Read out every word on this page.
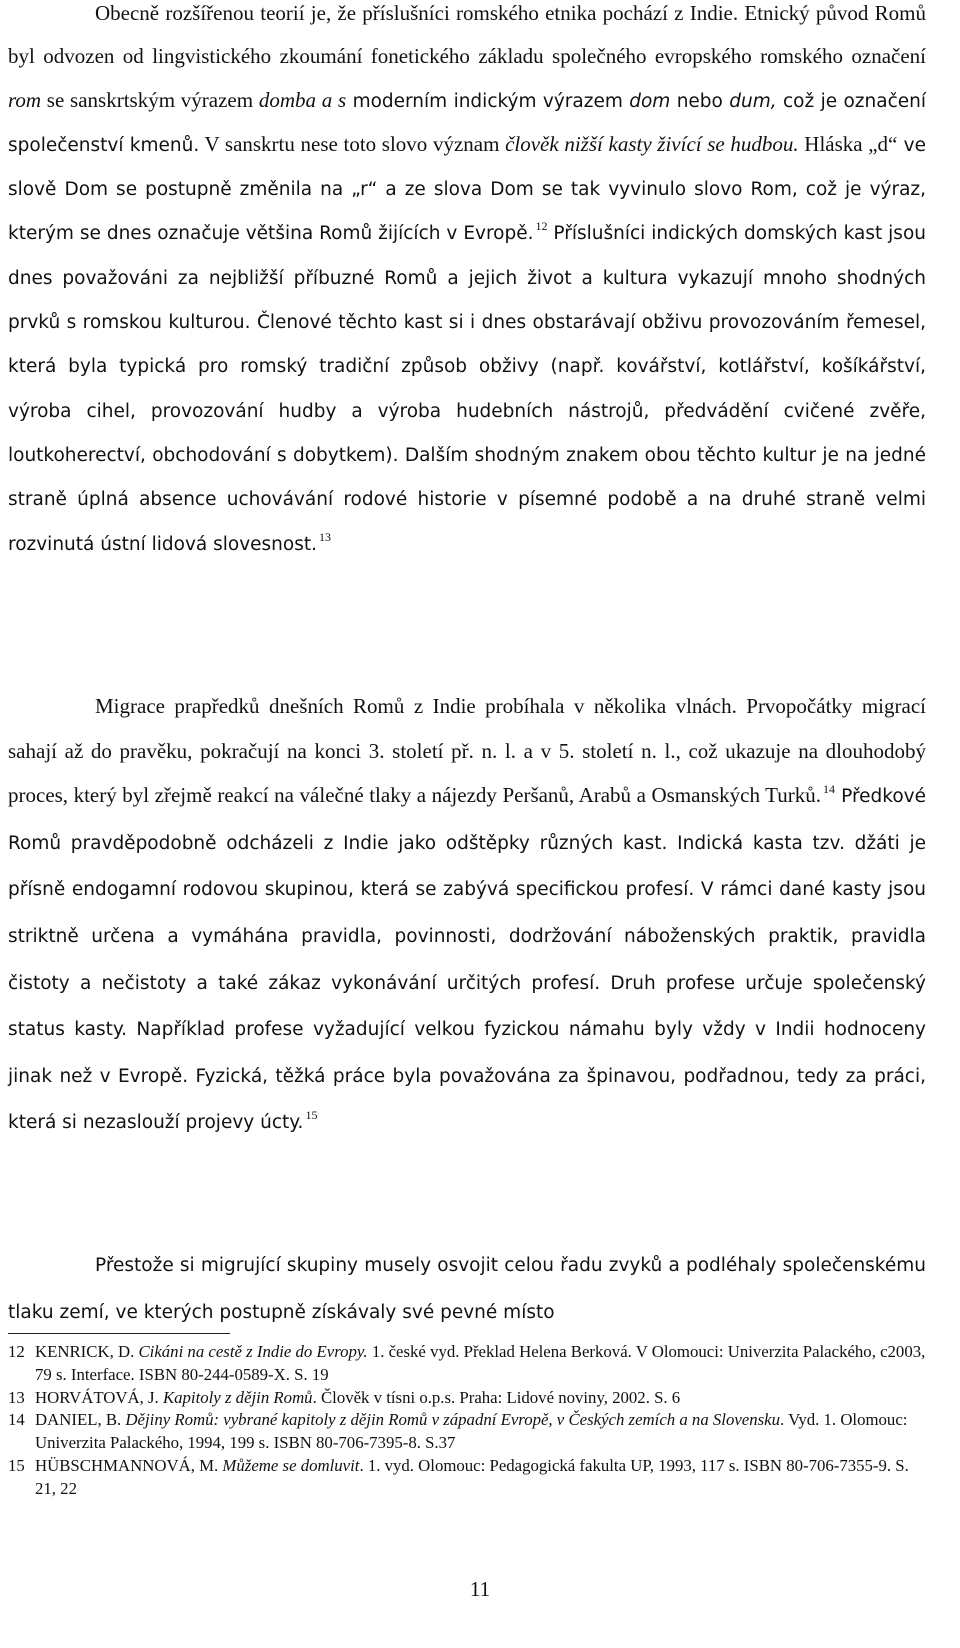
Obecně rozšířenou teorií je, že příslušníci romského etnika pochází z Indie. Etnický původ Romů byl odvozen od lingvistického zkoumání fonetického základu společného evropského romského označení rom se sanskrtským výrazem domba a s moderním indickým výrazem dom nebo dum, což je označení společenství kmenů. V sanskrtu nese toto slovo význam člověk nižší kasty živící se hudbou. Hláska „d“ ve slově Dom se postupně změnila na „r“ a ze slova Dom se tak vyvinulo slovo Rom, což je výraz, kterým se dnes označuje většina Romů žijících v Evropě. $^{12}$ Příslušníci indických domských kast jsou dnes považováni za nejbližší příbuzné Romů a jejich život a kultura vykazují mnoho shodných prvků s romskou kulturou. Členové těchto kast si i dnes obstarávají obživu provozováním řemesel, která byla typická pro romský tradiční způsob obživy (např. kovářství, kotlářství, košíkářství, výroba cihel, provozování hudby a výroba hudebních nástrojů, předvádění cvičené zvěře, loutkoherectví, obchodování s dobytkem). Dalším shodným znakem obou těchto kultur je na jedné straně úplná absence uchovávání rodové historie v písemné podobě a na druhé straně velmi rozvinutá ústní lidová slovesnost. $^{13}$

Migrace prapředků dnešních Romů z Indie probíhala v několika vlnách. Prvopočátky migrací sahají až do pravěku, pokračují na konci 3. století př. n. l. a v 5. století n. l., což ukazuje na dlouhodobý proces, který byl zřejmě reakcí na válečné tlaky a nájezdy Peršanů, Arabů a Osmanských Turků. $^{14}$ Předkové Romů pravděpodobně odcházeli z Indie jako odštěpky různých kast. Indická kasta tzv. džáti je přísně endogamní rodovou skupinou, která se zabývá specifickou profesí. V rámci dané kasty jsou striktně určena a vymáhána pravidla, povinnosti, dodržování náboženských praktik, pravidla čistoty a nečistoty a také zákaz vykonávání určitých profesí. Druh profese určuje společenský status kasty. Například profese vyžadující velkou fyzickou námahu byly vždy v Indii hodnoceny jinak než v Evropě. Fyzická, těžká práce byla považována za špinavou, podřadnou, tedy za práci, která si nezaslouží projevy úcty. $^{15}$

Přestože si migrující skupiny musely osvojit celou řadu zvyků a podléhaly společenskému tlaku zemí, ve kterých postupně získávaly své pevné místo

12 KENRICK, D. Cikáni na cestě z Indie do Evropy. 1. české vyd. Překlad Helena Berková. V Olomouci: Univerzita Palackého, c2003, 79 s. Interface. ISBN 80-244-0589-X. S. 19
13 HORVÁTOVÁ, J. Kapitoly z dějin Romů. Člověk v tísni o.p.s. Praha: Lidové noviny, 2002. S. 6
14 DANIEL, B. Dějiny Romů: vybrané kapitoly z dějin Romů v západní Evropě, v Českých zemích a na Slovensku. Vyd. 1. Olomouc: Univerzita Palackého, 1994, 199 s. ISBN 80-706-7395-8. S.37
15 HÜBSCHMANNOVÁ, M. Můžeme se domluvit. 1. vyd. Olomouc: Pedagogická fakulta UP, 1993, 117 s. ISBN 80-706-7355-9. S. 21, 22
11
